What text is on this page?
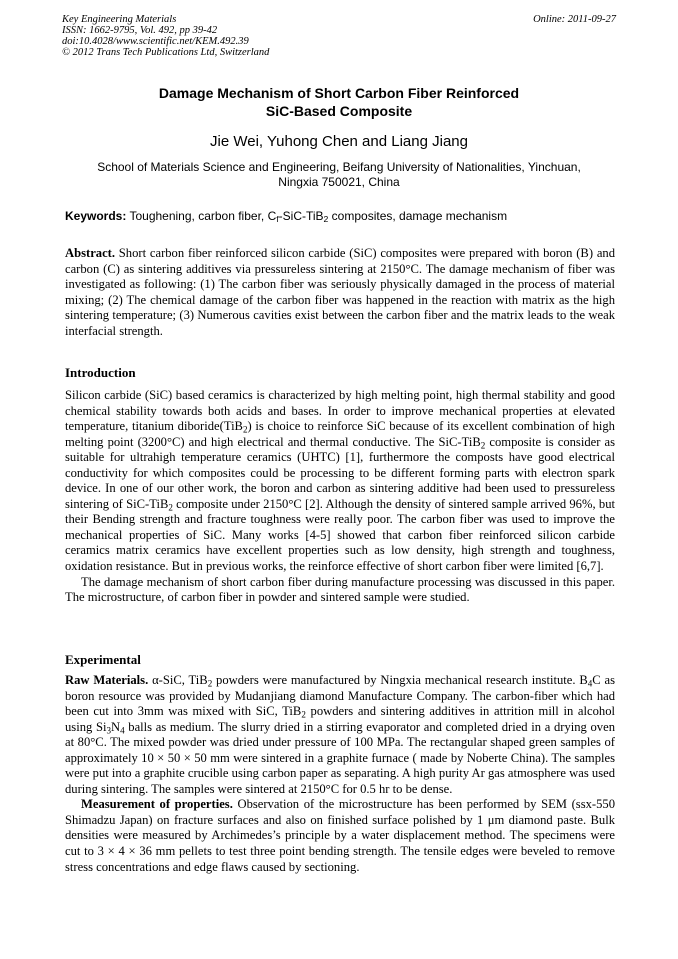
Key Engineering Materials
ISSN: 1662-9795, Vol. 492, pp 39-42
doi:10.4028/www.scientific.net/KEM.492.39
© 2012 Trans Tech Publications Ltd, Switzerland
Online: 2011-09-27
Damage Mechanism of Short Carbon Fiber Reinforced
SiC-Based Composite
Jie Wei, Yuhong Chen and Liang Jiang
School of Materials Science and Engineering, Beifang University of Nationalities, Yinchuan,
Ningxia 750021, China
Keywords: Toughening, carbon fiber, $C_f-SiC-TiB_2$ composites, damage mechanism

Abstract. Short carbon fiber reinforced silicon carbide (SiC) composites were prepared with boron (B) and carbon (C) as sintering additives via pressureless sintering at 2150°C. The damage mechanism of fiber was investigated as following: (1) The carbon fiber was seriously physically damaged in the process of material mixing; (2) The chemical damage of the carbon fiber was happened in the reaction with matrix as the high sintering temperature; (3) Numerous cavities exist between the carbon fiber and the matrix leads to the weak interfacial strength.

Introduction

Silicon carbide (SiC) based ceramics is characterized by high melting point, high thermal stability and good chemical stability towards both acids and bases. In order to improve mechanical properties at elevated temperature, titanium diboride(TiB$_2$) is choice to reinforce SiC because of its excellent combination of high melting point (3200°C) and high electrical and thermal conductive. The SiC-TiB$_2$ composite is consider as suitable for ultrahigh temperature ceramics (UHTC) [1], furthermore the composts have good electrical conductivity for which composites could be processing to be different forming parts with electron spark device. In one of our other work, the boron and carbon as sintering additive had been used to pressureless sintering of SiC-TiB$_2$ composite under 2150°C [2]. Although the density of sintered sample arrived 96%, but their Bending strength and fracture toughness were really poor. The carbon fiber was used to improve the mechanical properties of SiC. Many works [4-5] showed that carbon fiber reinforced silicon carbide ceramics matrix ceramics have excellent properties such as low density, high strength and toughness, oxidation resistance. But in previous works, the reinforce effective of short carbon fiber were limited [6,7].

The damage mechanism of short carbon fiber during manufacture processing was discussed in this paper. The microstructure, of carbon fiber in powder and sintered sample were studied.

Experimental

Raw Materials. α-SiC, TiB$_2$ powders were manufactured by Ningxia mechanical research institute. $B_4C$ as boron resource was provided by Mudanjiang diamond Manufacture Company. The carbon-fiber which had been cut into 3mm was mixed with SiC, TiB$_2$ powders and sintering additives in attrition mill in alcohol using $Si_3N_4$ balls as medium. The slurry dried in a stirring evaporator and completed dried in a drying oven at 80°C. The mixed powder was dried under pressure of 100 MPa. The rectangular shaped green samples of approximately 10 × 50 × 50 mm were sintered in a graphite furnace ( made by Noberte China). The samples were put into a graphite crucible using carbon paper as separating. A high purity Ar gas atmosphere was used during sintering. The samples were sintered at 2150°C for 0.5 hr to be dense.

Measurement of properties. Observation of the microstructure has been performed by SEM (ssx-550 Shimadzu Japan) on fracture surfaces and also on finished surface polished by 1 μm diamond paste. Bulk densities were measured by Archimedes’s principle by a water displacement method. The specimens were cut to 3 × 4 × 36 mm pellets to test three point bending strength. The tensile edges were beveled to remove stress concentrations and edge flaws caused by sectioning.
